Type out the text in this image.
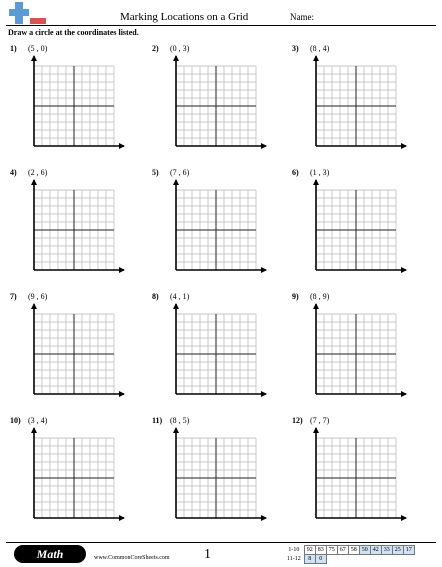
Marking Locations on a Grid	Name:
Draw a circle at the coordinates listed.
1) (5 , 0)	2) (0 , 3)	3) (8 , 4)
4) (2 , 6)	5) (7 , 6)	6) (1 , 3)
7) (9 , 6)	8) (4 , 1)	9) (8 , 9)
10) (3 , 4)	11) (8 , 5)	12) (7 , 7)
Math	www.CommonCoreSheets.com 1	1-10	92	83	75	67	58	50	42	33	25	17
11-12	8	0								
